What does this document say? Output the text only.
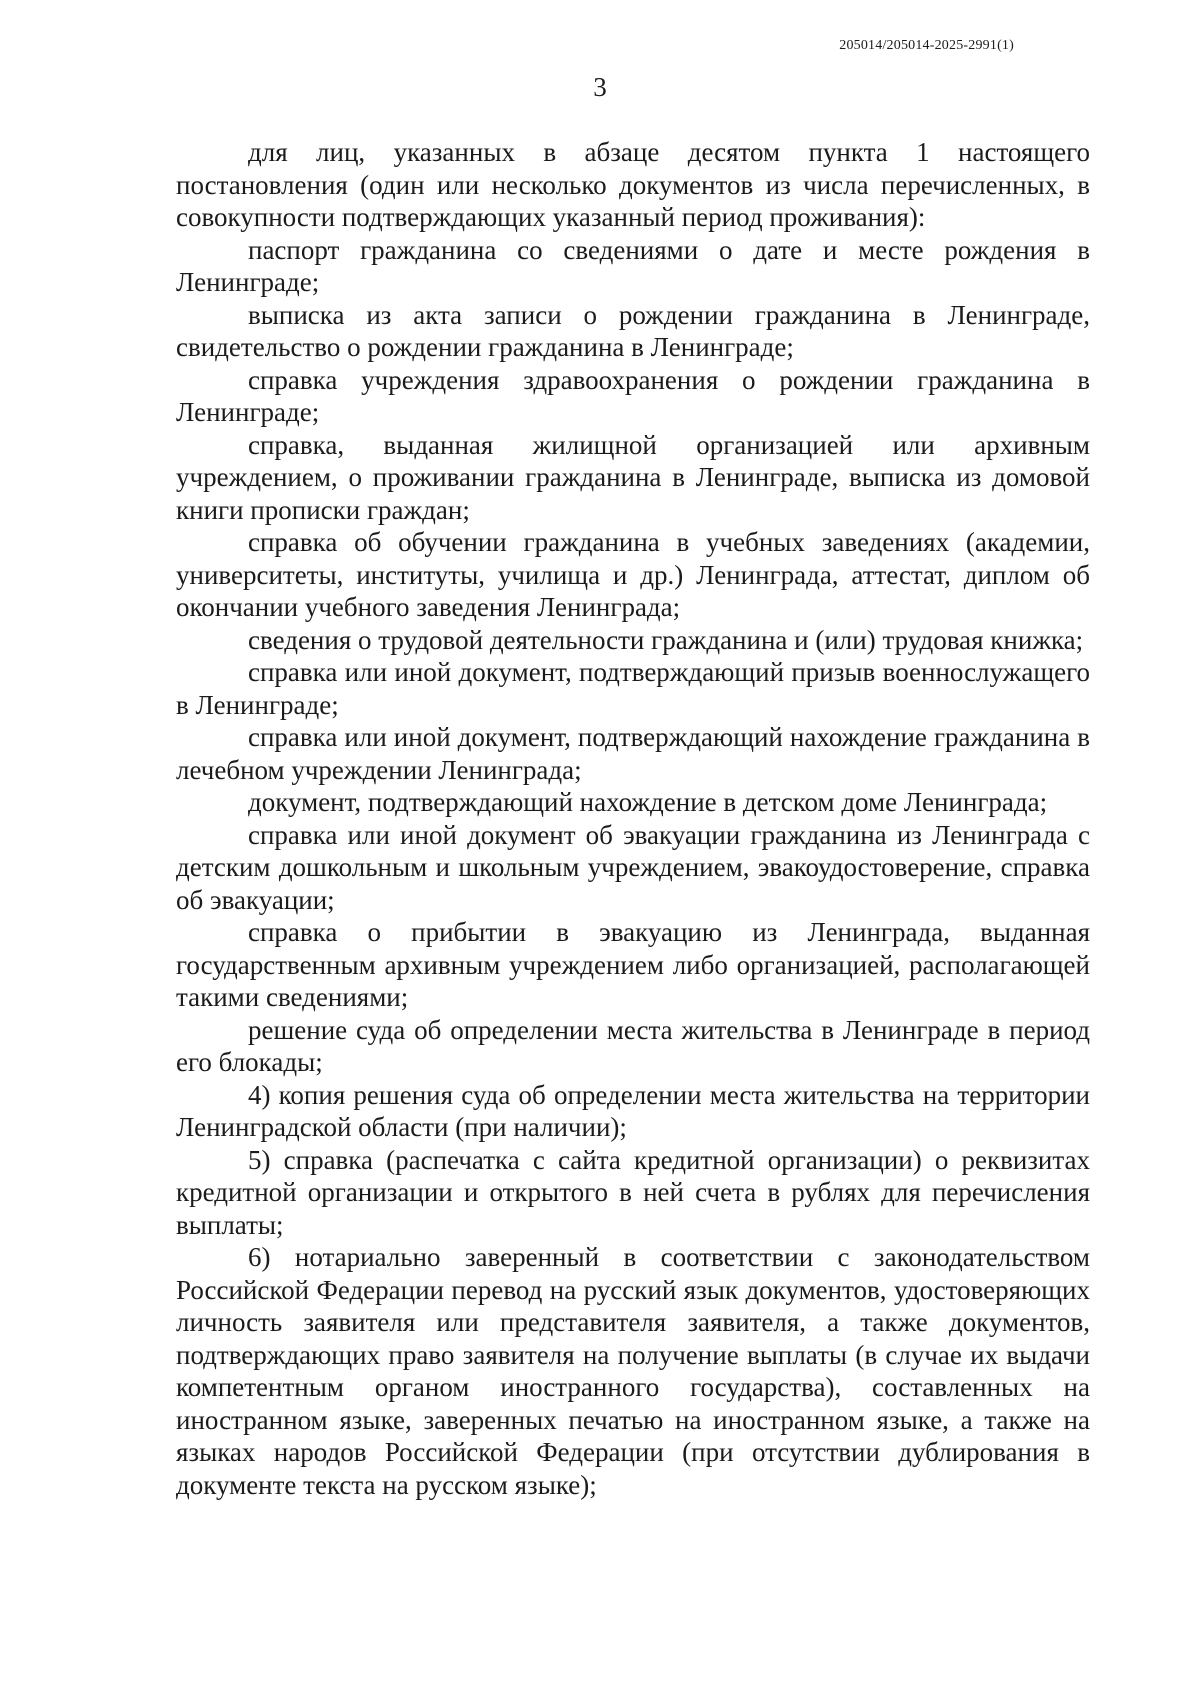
205014/205014-2025-2991(1)
3

для лиц, указанных в абзаце десятом пункта 1 настоящего постановления (один или несколько документов из числа перечисленных, в совокупности подтверждающих указанный период проживания):

паспорт гражданина со сведениями о дате и месте рождения в Ленинграде;

выписка из акта записи о рождении гражданина в Ленинграде, свидетельство о рождении гражданина в Ленинграде;

справка учреждения здравоохранения о рождении гражданина в Ленинграде;

справка, выданная жилищной организацией или архивным учреждением, о проживании гражданина в Ленинграде, выписка из домовой книги прописки граждан;

справка об обучении гражданина в учебных заведениях (академии, университеты, институты, училища и др.) Ленинграда, аттестат, диплом об окончании учебного заведения Ленинграда;

сведения о трудовой деятельности гражданина и (или) трудовая книжка;

справка или иной документ, подтверждающий призыв военнослужащего в Ленинграде;

справка или иной документ, подтверждающий нахождение гражданина в лечебном учреждении Ленинграда;

документ, подтверждающий нахождение в детском доме Ленинграда;

справка или иной документ об эвакуации гражданина из Ленинграда с детским дошкольным и школьным учреждением, эвакоудостоверение, справка об эвакуации;

справка о прибытии в эвакуацию из Ленинграда, выданная государственным архивным учреждением либо организацией, располагающей такими сведениями;

решение суда об определении места жительства в Ленинграде в период его блокады;

4) копия решения суда об определении места жительства на территории Ленинградской области (при наличии);

5) справка (распечатка с сайта кредитной организации) о реквизитах кредитной организации и открытого в ней счета в рублях для перечисления выплаты;

6) нотариально заверенный в соответствии с законодательством Российской Федерации перевод на русский язык документов, удостоверяющих личность заявителя или представителя заявителя, а также документов, подтверждающих право заявителя на получение выплаты (в случае их выдачи компетентным органом иностранного государства), составленных на иностранном языке, заверенных печатью на иностранном языке, а также на языках народов Российской Федерации (при отсутствии дублирования в документе текста на русском языке);
